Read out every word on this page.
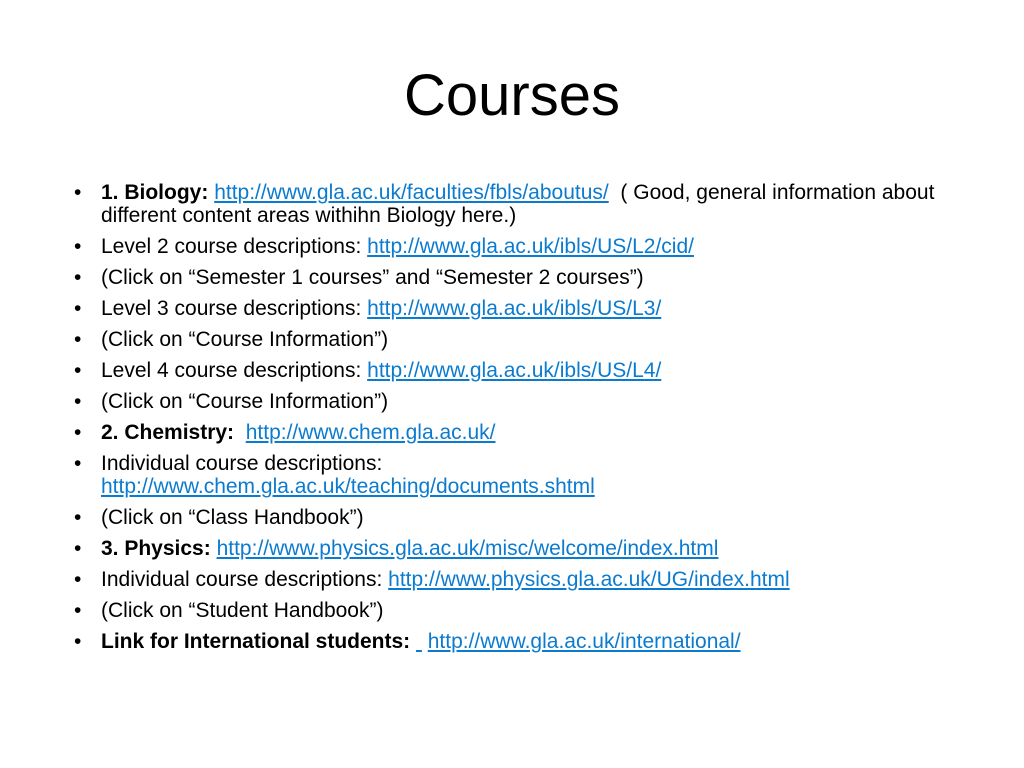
Courses
• 1. Biology: http://www.gla.ac.uk/faculties/fbls/aboutus/  ( Good, general information about  different content areas withihn Biology here.)
• Level 2 course descriptions: http://www.gla.ac.uk/ibls/US/L2/cid/
• (Click on “Semester 1 courses” and “Semester 2 courses”)
• Level 3 course descriptions: http://www.gla.ac.uk/ibls/US/L3/
• (Click on “Course Information”)
• Level 4 course descriptions: http://www.gla.ac.uk/ibls/US/L4/
• (Click on “Course Information”)
• 2. Chemistry:  http://www.chem.gla.ac.uk/
• Individual course descriptions:
http://www.chem.gla.ac.uk/teaching/documents.shtml
• (Click on “Class Handbook”)
• 3. Physics: http://www.physics.gla.ac.uk/misc/welcome/index.html
• Individual course descriptions: http://www.physics.gla.ac.uk/UG/index.html
• (Click on “Student Handbook”)
• Link for International students: http://www.gla.ac.uk/international/
